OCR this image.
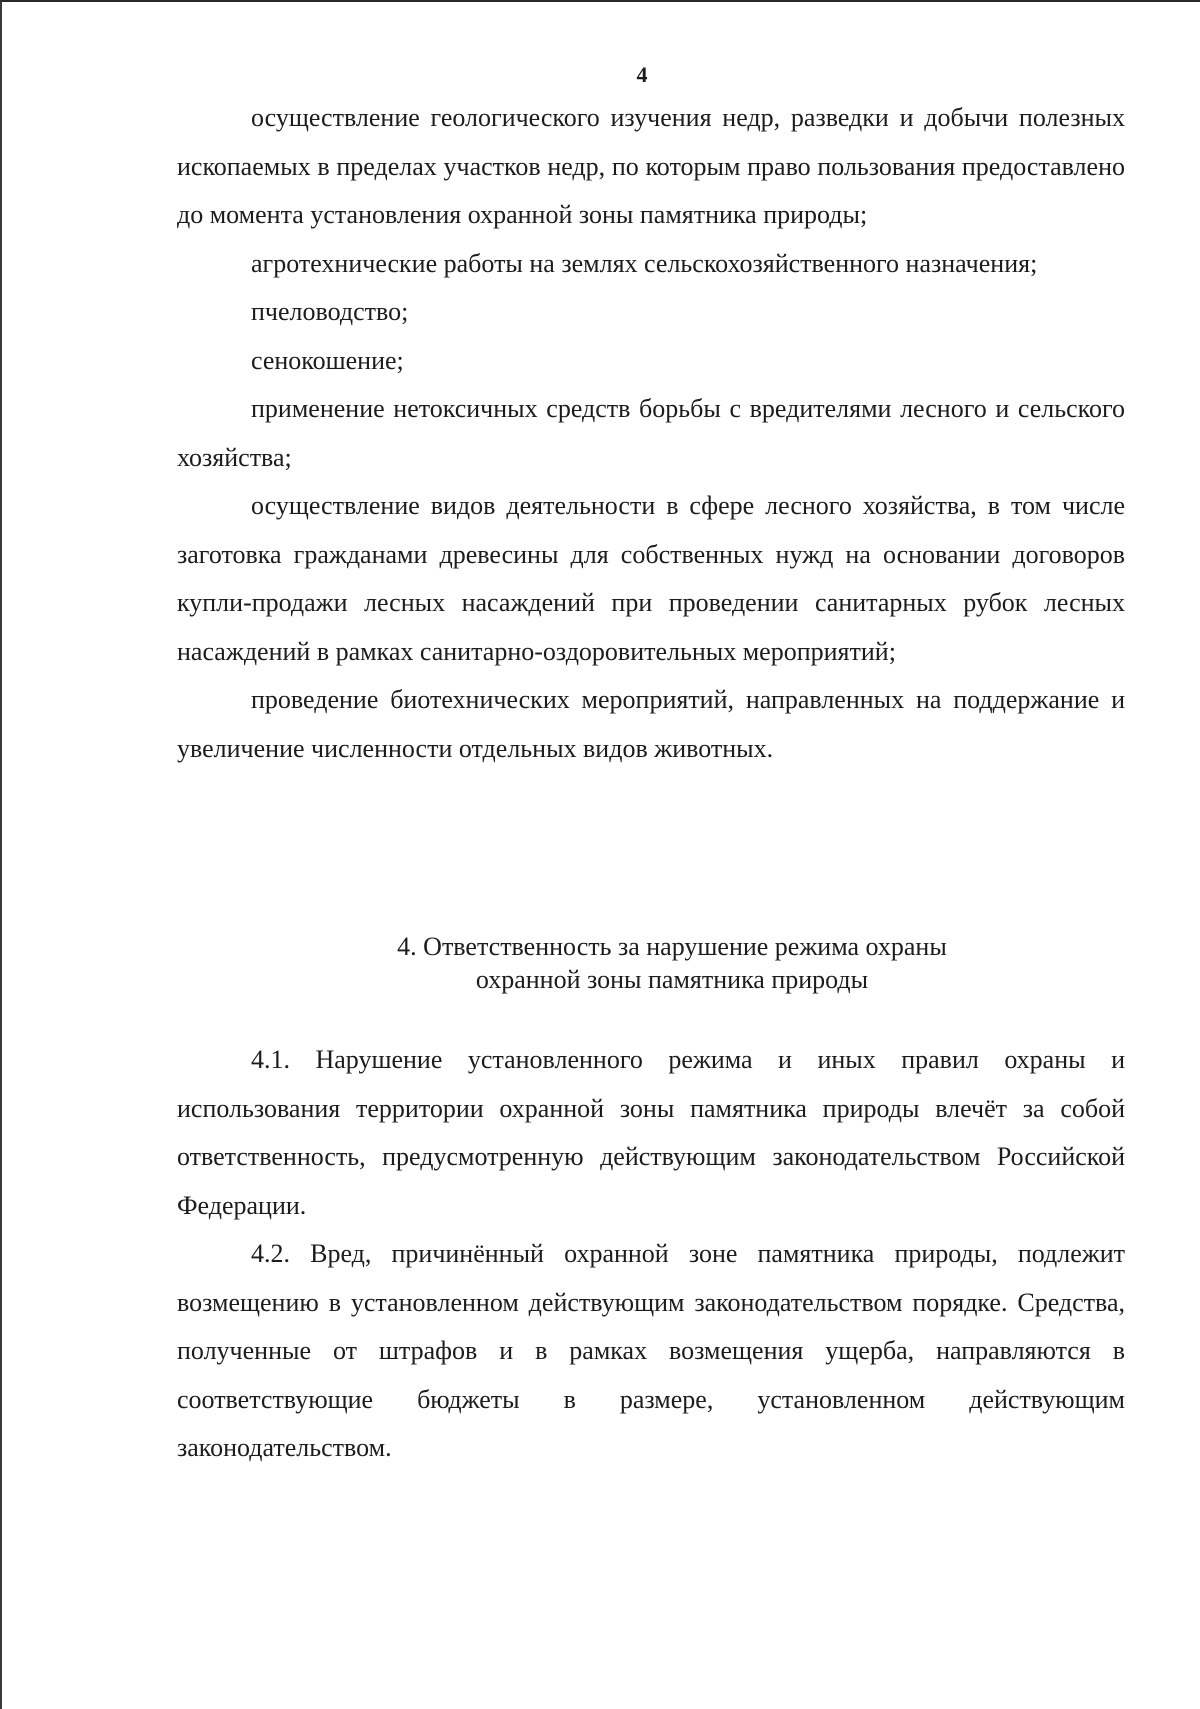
4

осуществление геологического изучения недр, разведки и добычи полезных ископаемых в пределах участков недр, по которым право пользования предоставлено до момента установления охранной зоны памятника природы;

агротехнические работы на землях сельскохозяйственного назначения;

пчеловодство;

сенокошение;

применение нетоксичных средств борьбы с вредителями лесного и сельского хозяйства;

осуществление видов деятельности в сфере лесного хозяйства, в том числе заготовка гражданами древесины для собственных нужд на основании договоров купли-продажи лесных насаждений при проведении санитарных рубок лесных насаждений в рамках санитарно-оздоровительных мероприятий;

проведение биотехнических мероприятий, направленных на поддержание и увеличение численности отдельных видов животных.

4. Ответственность за нарушение режима охраны
охранной зоны памятника природы

4.1. Нарушение установленного режима и иных правил охраны и использования территории охранной зоны памятника природы влечёт за собой ответственность, предусмотренную действующим законодательством Российской Федерации.

4.2. Вред, причинённый охранной зоне памятника природы, подлежит возмещению в установленном действующим законодательством порядке. Средства, полученные от штрафов и в рамках возмещения ущерба, направляются в соответствующие бюджеты в размере, установленном действующим законодательством.
